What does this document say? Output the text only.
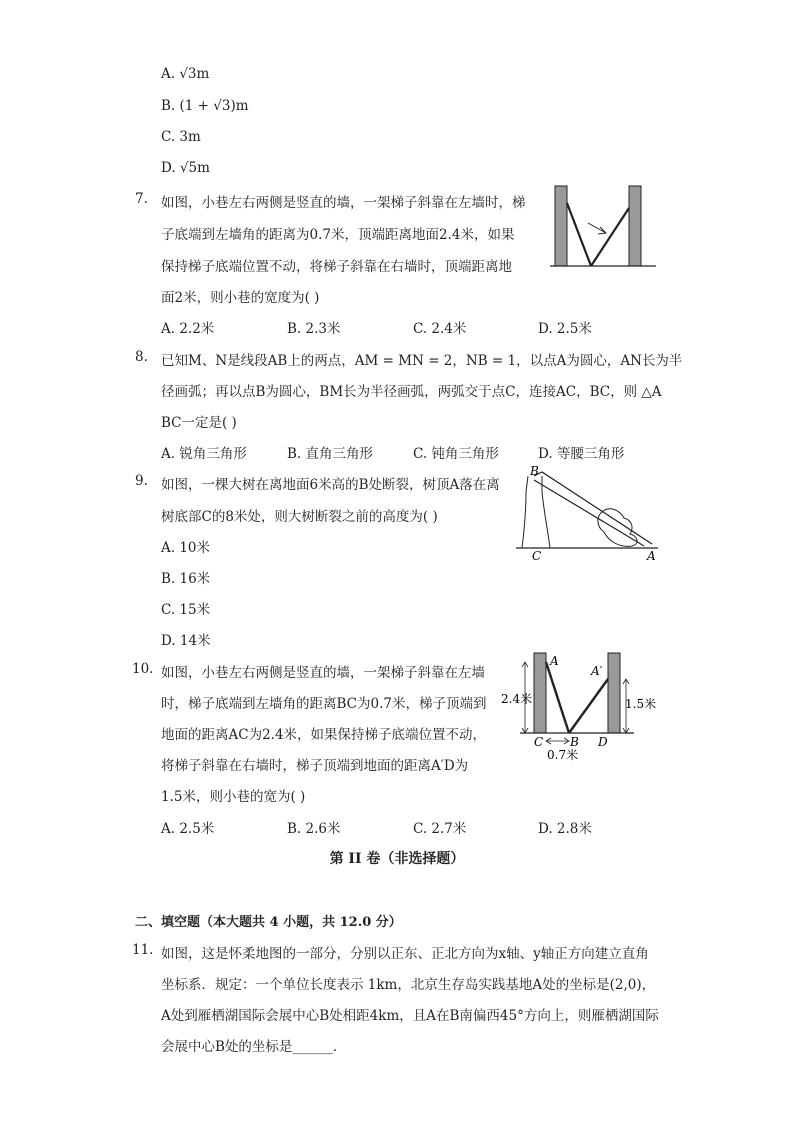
A. √3m
B. (1 + √3)m
C. 3m
D. √5m
7. 如图，小巷左右两侧是竖直的墙，一架梯子斜靠在左墙时，梯
子底端到左墙角的距离为0.7米，顶端距离地面2.4米，如果
保持梯子底端位置不动，将梯子斜靠在右墙时，顶端距离地
面2米，则小巷的宽度为( )
A. 2.2米	B. 2.3米	C. 2.4米	D. 2.5米
8. 已知M、N是线段AB上的两点，AM = MN = 2，NB = 1，以点A为圆心，AN长为半
径画弧；再以点B为圆心，BM长为半径画弧，两弧交于点C，连接AC，BC，则 △A
BC一定是( )
A. 锐角三角形	B. 直角三角形	C. 钝角三角形	D. 等腰三角形
9. 如图，一棵大树在离地面6米高的B处断裂，树顶A落在离
树底部C的8米处，则大树断裂之前的高度为( )
A. 10米
B. 16米
C. 15米
D. 14米
B
C	A
10. 如图，小巷左右两侧是竖直的墙，一架梯子斜靠在左墙
时，梯子底端到左墙角的距离BC为0.7米，梯子顶端到
地面的距离AC为2.4米，如果保持梯子底端位置不动，
将梯子斜靠在右墙时，梯子顶端到地面的距离A′D为
1.5米，则小巷的宽为( )
A. 2.5米	B. 2.6米	C. 2.7米	D. 2.8米
A
A′
C B D
2.4米	1.5米
0.7米
第 II 卷（非选择题）
二、填空题（本大题共 4 小题，共 12.0 分）
11. 如图，这是怀柔地图的一部分，分别以正东、正北方向为x轴、y轴正方向建立直角
坐标系．规定：一个单位长度表示 1km，北京生存岛实践基地A处的坐标是(2,0)，
A处到雁栖湖国际会展中心B处相距4km，且A在B南偏西45°方向上，则雁栖湖国际
会展中心B处的坐标是______．
